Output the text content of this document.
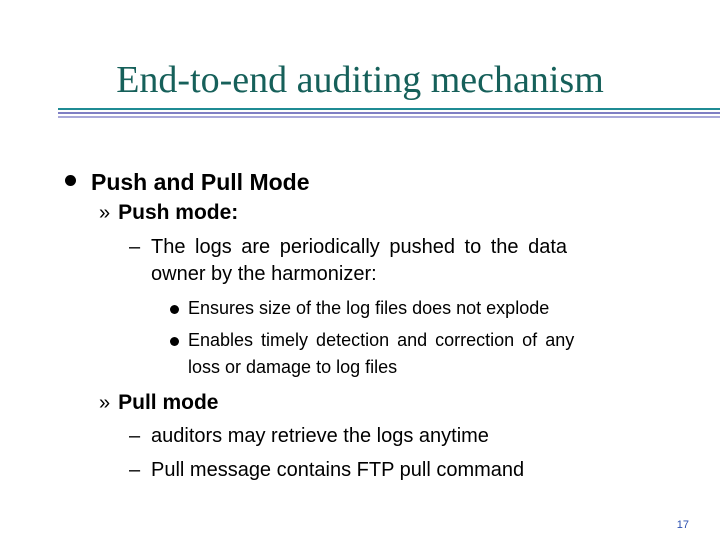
End-to-end auditing mechanism
Push and Pull Mode
» Push mode:
– The logs are periodically pushed to the data
owner by the harmonizer:
Ensures size of the log files does not explode
Enables timely detection and correction of any
loss or damage to log files
» Pull mode
– auditors may retrieve the logs anytime
– Pull message contains FTP pull command
17
